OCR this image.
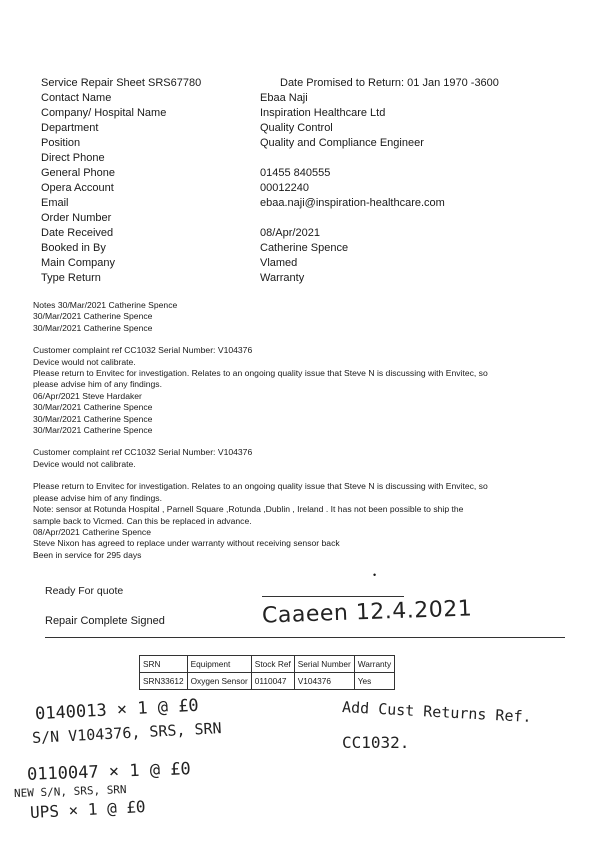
Service Repair Sheet SRS67780	Date Promised to Return: 01 Jan 1970 -3600
Contact Name	Ebaa Naji
Company/ Hospital Name	Inspiration Healthcare Ltd
Department	Quality Control
Position	Quality and Compliance Engineer
Direct Phone
General Phone	01455 840555
Opera Account	00012240
Email	ebaa.naji@inspiration-healthcare.com
Order Number
Date Received	08/Apr/2021
Booked in By	Catherine Spence
Main Company	Vlamed
Type Return	Warranty

Notes 30/Mar/2021 Catherine Spence

30/Mar/2021 Catherine Spence

30/Mar/2021 Catherine Spence

Customer complaint ref CC1032 Serial Number: V104376

Device would not calibrate.

Please return to Envitec for investigation. Relates to an ongoing quality issue that Steve N is discussing with Envitec, so

please advise him of any findings.

06/Apr/2021 Steve Hardaker

30/Mar/2021 Catherine Spence

30/Mar/2021 Catherine Spence

30/Mar/2021 Catherine Spence

Customer complaint ref CC1032 Serial Number: V104376

Device would not calibrate.

Please return to Envitec for investigation. Relates to an ongoing quality issue that Steve N is discussing with Envitec, so

please advise him of any findings.

Note: sensor at Rotunda Hospital , Parnell Square ,Rotunda ,Dublin , Ireland . It has not been possible to ship the

sample back to Vicmed. Can this be replaced in advance.

08/Apr/2021 Catherine Spence

Steve Nixon has agreed to replace under warranty without receiving sensor back

Been in service for 295 days

•
Ready For quote
Repair Complete Signed	Caaeen 12.4.2021
SRN	Equipment	Stock Ref	Serial Number	Warranty
SRN33612	Oxygen Sensor	0110047	V104376	Yes
0140013 × 1 @ £0
S/N V104376, SRS, SRN
Add Cust Returns Ref.
CC1032.
0110047 × 1 @ £0
NEW S/N, SRS, SRN
UPS × 1 @ £0
